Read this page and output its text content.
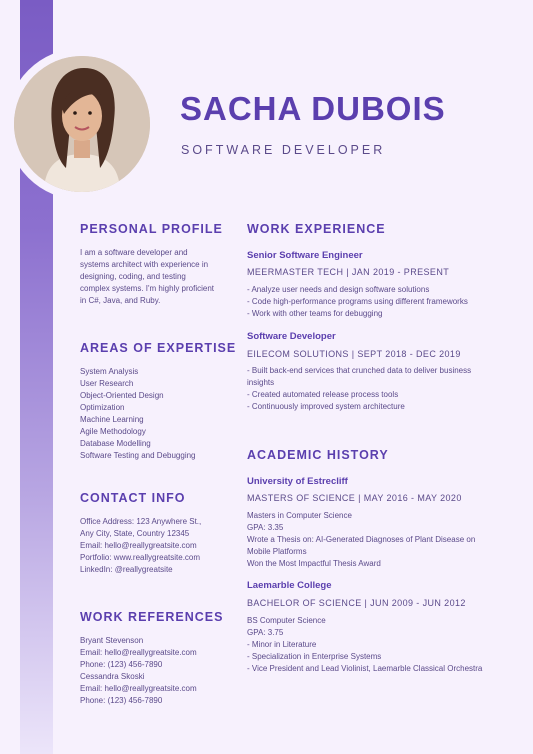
SACHA DUBOIS
SOFTWARE DEVELOPER
PERSONAL PROFILE
I am a software developer and
systems architect with experience in
designing, coding, and testing
complex systems. I'm highly proficient
in C#, Java, and Ruby.
AREAS OF EXPERTISE
System Analysis
User Research
Object-Oriented Design
Optimization
Machine Learning
Agile Methodology
Database Modelling
Software Testing and Debugging
CONTACT INFO
Office Address: 123 Anywhere St.,
Any City, State, Country 12345
Email: hello@reallygreatsite.com
Portfolio: www.reallygreatsite.com
LinkedIn: @reallygreatsite
WORK REFERENCES
Bryant Stevenson
Email: hello@reallygreatsite.com
Phone: (123) 456-7890
Cessandra Skoski
Email: hello@reallygreatsite.com
Phone: (123) 456-7890
WORK EXPERIENCE
Senior Software Engineer
MEERMASTER TECH | JAN 2019 - PRESENT
- Analyze user needs and design software solutions
- Code high-performance programs using different frameworks
- Work with other teams for debugging
Software Developer
EILECOM SOLUTIONS | SEPT 2018 - DEC 2019
- Built back-end services that crunched data to deliver business
insights
- Created automated release process tools
- Continuously improved system architecture
ACADEMIC HISTORY
University of Estrecliff
MASTERS OF SCIENCE | MAY 2016 - MAY 2020
Masters in Computer Science
GPA: 3.35
Wrote a Thesis on: AI-Generated Diagnoses of Plant Disease on
Mobile Platforms
Won the Most Impactful Thesis Award
Laemarble College
BACHELOR OF SCIENCE | JUN 2009 - JUN 2012
BS Computer Science
GPA: 3.75
- Minor in Literature
- Specialization in Enterprise Systems
- Vice President and Lead Violinist, Laemarble Classical Orchestra
